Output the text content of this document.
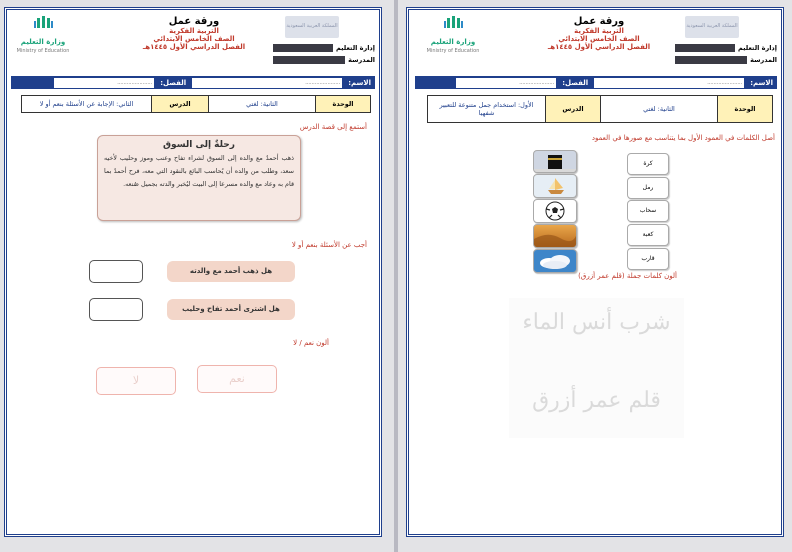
وزارة التعليم
Ministry of Education
ورقة عمل
التربية الفكرية
الصف الخامس الابتدائي
الفصل الدراسي الأول ١٤٤٥هـ
المملكة العربية السعودية
إدارة التعليم
المدرسة
الاسم:
......................
الفصل:
......................
الوحدة	الثانية: لغتي	الدرس	الثاني: الإجابة عن الأسئلة بنعم أو لا
أستمع إلى قصة الدرس
رحلةٌ إلى السوق
ذهب أحمدُ مع والده إلى السوق لشراء تفاح وعنب وموز وحليب لأخيه سعد، وطلب من والده أن يُحاسب البائع بالنقود التي معه، فرح أحمدُ بما قام به وعاد مع والده مسرعا إلى البيت ليُخبر والدته بجميل صُنعه.
أجب عن الأسئلة بنعم أو لا
هل ذهب أحمد مع والدته
هل اشترى أحمد تفاح وحليب
ألون نعم / لا
نعم
لا
وزارة التعليم
Ministry of Education
ورقة عمل
التربية الفكرية
الصف الخامس الابتدائي
الفصل الدراسي الأول ١٤٤٥هـ
المملكة العربية السعودية
إدارة التعليم
المدرسة
الاسم:
......................
الفصل:
......................
الوحدة	الثانية: لغتي	الدرس	الأول: استخدام جمل متنوعة للتعبير شفهيا
أصل الكلمات في العمود الأول بما يتناسب مع صورها في العمود
كرة
رمل
سحاب
كعبة
قارب
ألون كلمات جملة (قلم عمر أزرق)
شرب أنس الماء
قلم عمر أزرق
